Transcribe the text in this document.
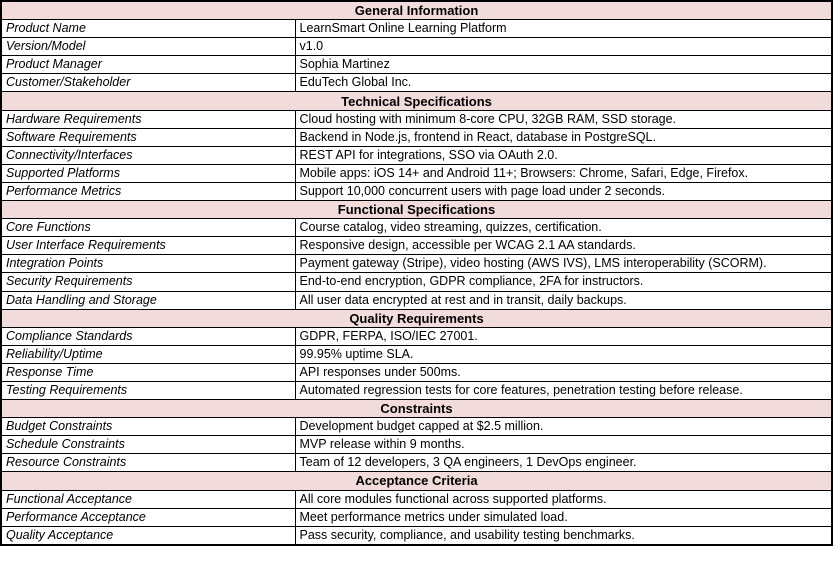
General Information	
Product Name	LearnSmart Online Learning Platform
Version/Model	v1.0
Product Manager	Sophia Martinez
Customer/Stakeholder	EduTech Global Inc.
Technical Specifications	
Hardware Requirements	Cloud hosting with minimum 8-core CPU, 32GB RAM, SSD storage.
Software Requirements	Backend in Node.js, frontend in React, database in PostgreSQL.
Connectivity/Interfaces	REST API for integrations, SSO via OAuth 2.0.
Supported Platforms	Mobile apps: iOS 14+ and Android 11+; Browsers: Chrome, Safari, Edge, Firefox.
Performance Metrics	Support 10,000 concurrent users with page load under 2 seconds.
Functional Specifications	
Core Functions	Course catalog, video streaming, quizzes, certification.
User Interface Requirements	Responsive design, accessible per WCAG 2.1 AA standards.
Integration Points	Payment gateway (Stripe), video hosting (AWS IVS), LMS interoperability (SCORM).
Security Requirements	End-to-end encryption, GDPR compliance, 2FA for instructors.
Data Handling and Storage	All user data encrypted at rest and in transit, daily backups.
Quality Requirements	
Compliance Standards	GDPR, FERPA, ISO/IEC 27001.
Reliability/Uptime	99.95% uptime SLA.
Response Time	API responses under 500ms.
Testing Requirements	Automated regression tests for core features, penetration testing before release.
Constraints	
Budget Constraints	Development budget capped at $2.5 million.
Schedule Constraints	MVP release within 9 months.
Resource Constraints	Team of 12 developers, 3 QA engineers, 1 DevOps engineer.
Acceptance Criteria	
Functional Acceptance	All core modules functional across supported platforms.
Performance Acceptance	Meet performance metrics under simulated load.
Quality Acceptance	Pass security, compliance, and usability testing benchmarks.
